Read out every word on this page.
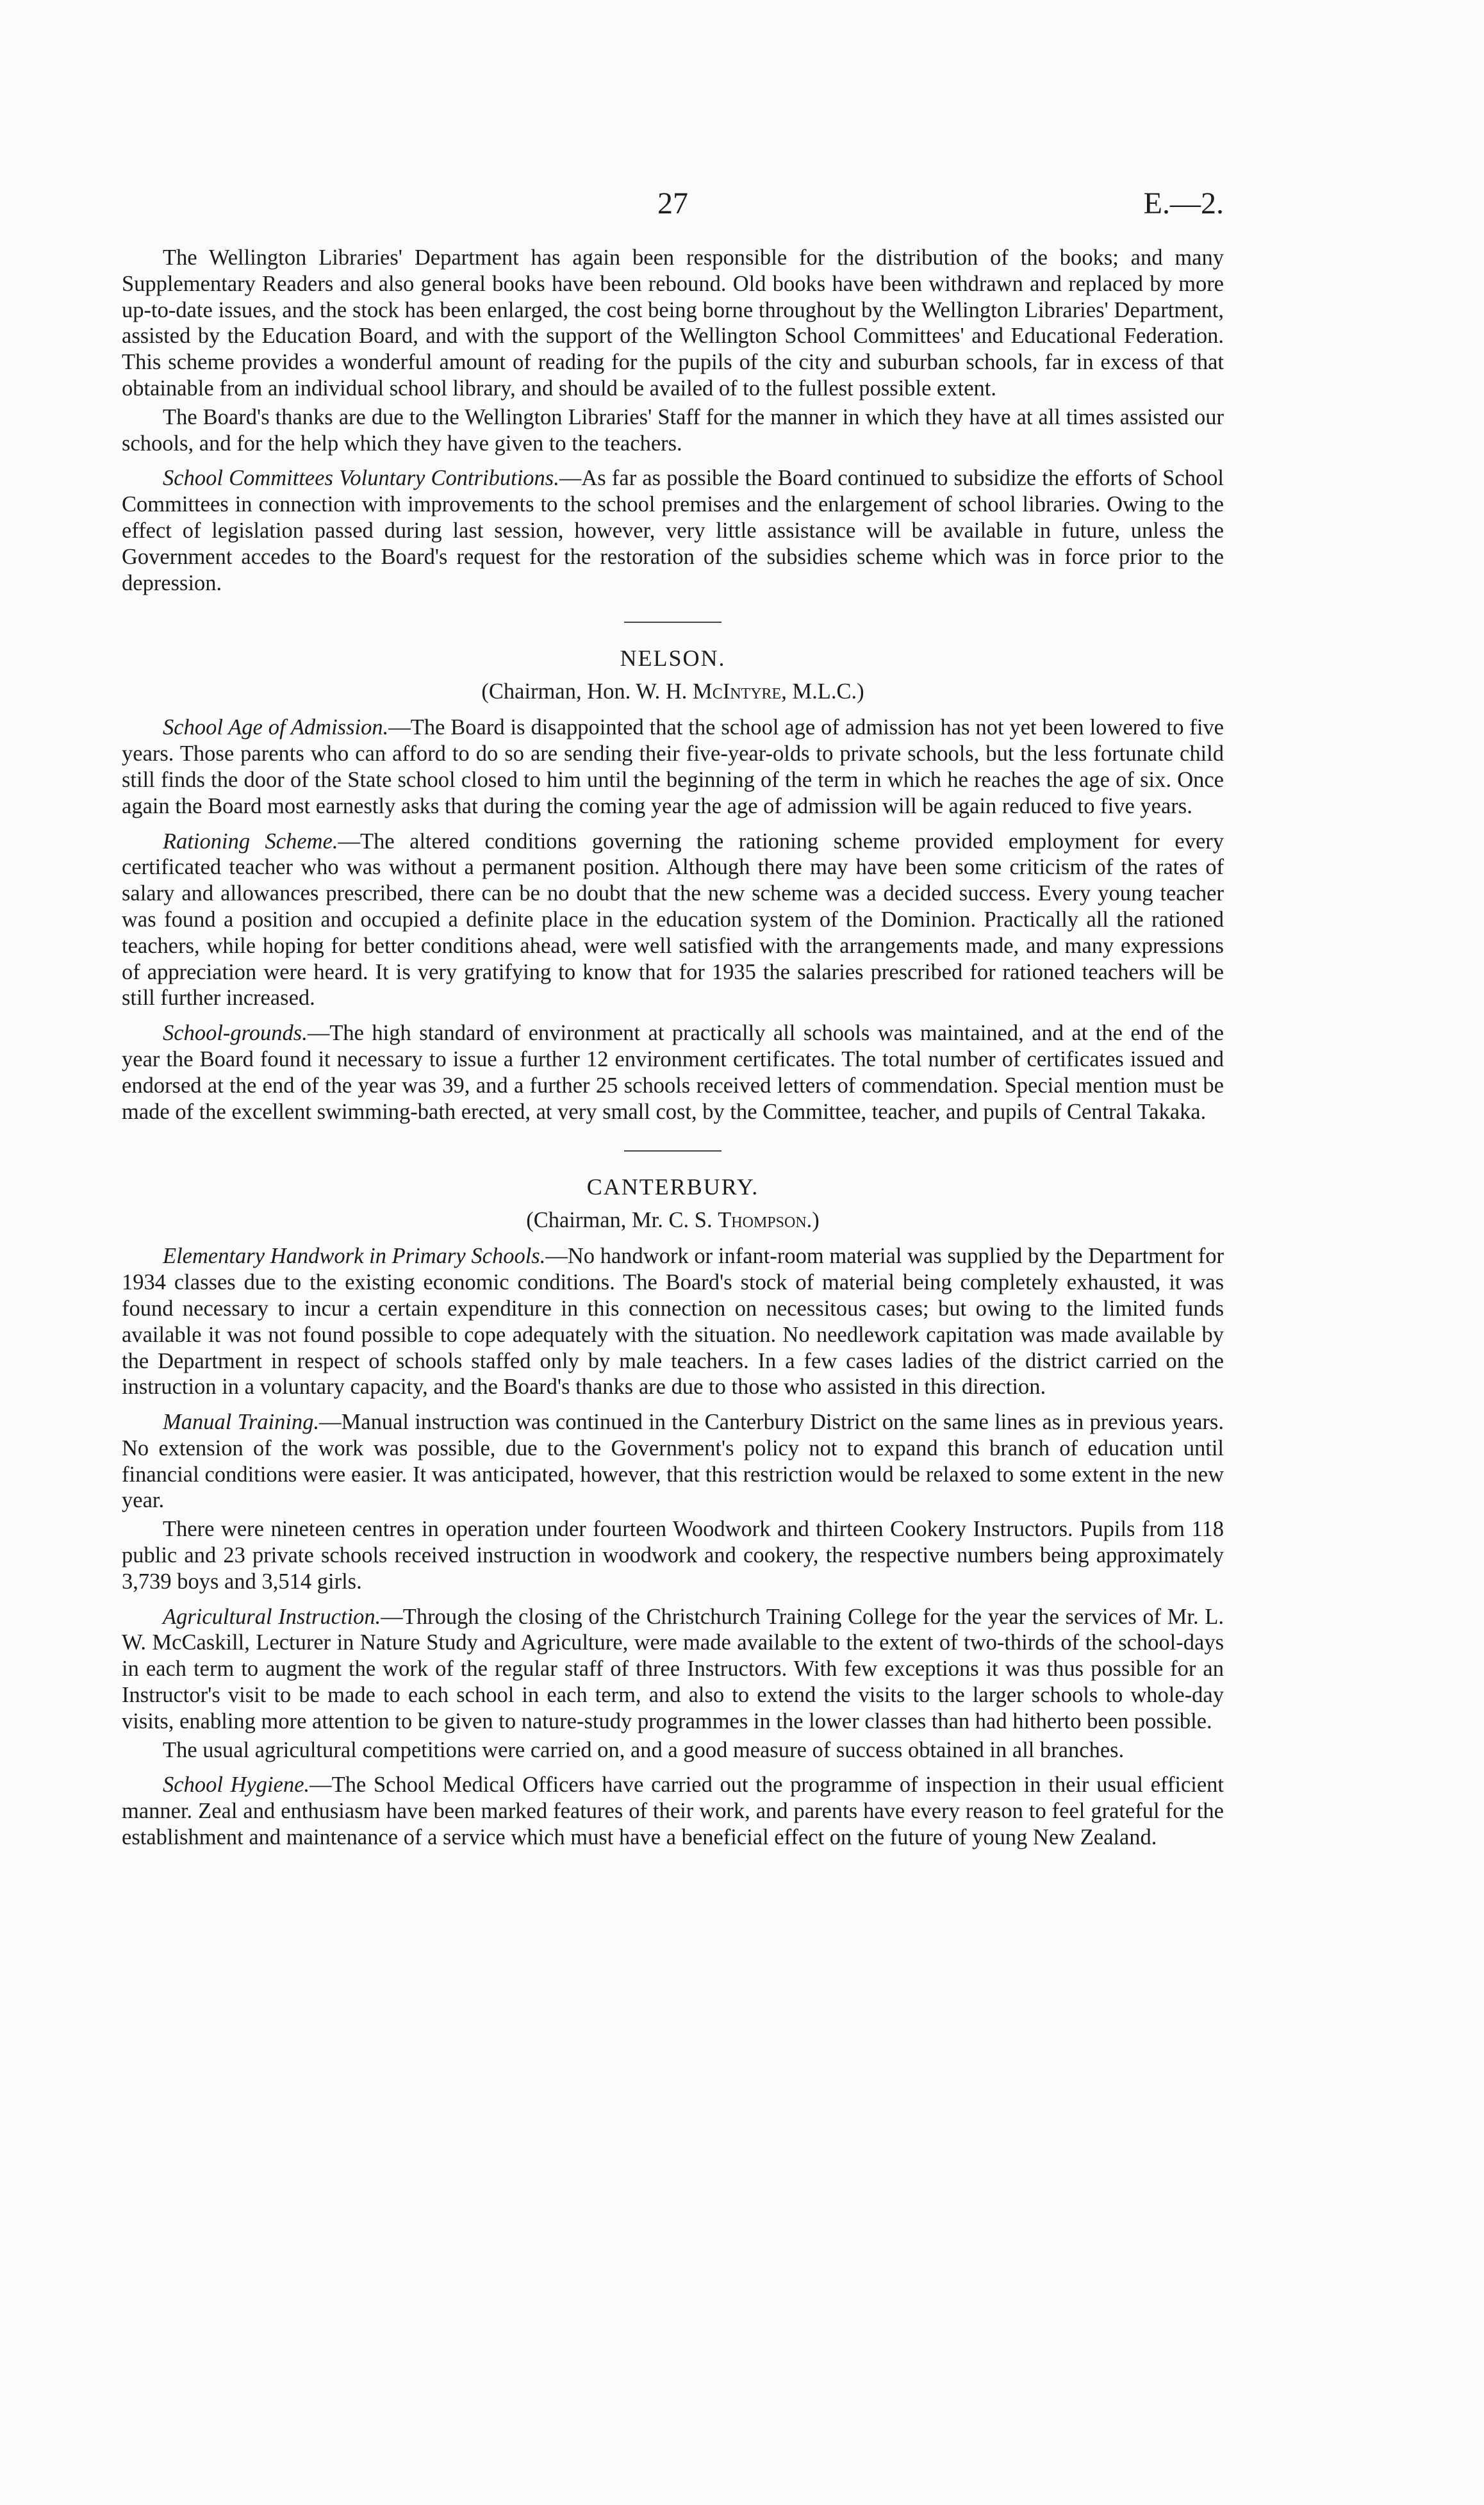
27	E.—2.

The Wellington Libraries' Department has again been responsible for the distribution of the books; and many Supplementary Readers and also general books have been rebound. Old books have been withdrawn and replaced by more up-to-date issues, and the stock has been enlarged, the cost being borne throughout by the Wellington Libraries' Department, assisted by the Education Board, and with the support of the Wellington School Committees' and Educational Federation. This scheme provides a wonderful amount of reading for the pupils of the city and suburban schools, far in excess of that obtainable from an individual school library, and should be availed of to the fullest possible extent.

The Board's thanks are due to the Wellington Libraries' Staff for the manner in which they have at all times assisted our schools, and for the help which they have given to the teachers.

School Committees Voluntary Contributions.—As far as possible the Board continued to subsidize the efforts of School Committees in connection with improvements to the school premises and the enlargement of school libraries. Owing to the effect of legislation passed during last session, however, very little assistance will be available in future, unless the Government accedes to the Board's request for the restoration of the subsidies scheme which was in force prior to the depression.

NELSON.
(Chairman, Hon. W. H. McIntyre, M.L.C.)

School Age of Admission.—The Board is disappointed that the school age of admission has not yet been lowered to five years. Those parents who can afford to do so are sending their five-year-olds to private schools, but the less fortunate child still finds the door of the State school closed to him until the beginning of the term in which he reaches the age of six. Once again the Board most earnestly asks that during the coming year the age of admission will be again reduced to five years.

Rationing Scheme.—The altered conditions governing the rationing scheme provided employment for every certificated teacher who was without a permanent position. Although there may have been some criticism of the rates of salary and allowances prescribed, there can be no doubt that the new scheme was a decided success. Every young teacher was found a position and occupied a definite place in the education system of the Dominion. Practically all the rationed teachers, while hoping for better conditions ahead, were well satisfied with the arrangements made, and many expressions of appreciation were heard. It is very gratifying to know that for 1935 the salaries prescribed for rationed teachers will be still further increased.

School-grounds.—The high standard of environment at practically all schools was maintained, and at the end of the year the Board found it necessary to issue a further 12 environment certificates. The total number of certificates issued and endorsed at the end of the year was 39, and a further 25 schools received letters of commendation. Special mention must be made of the excellent swimming-bath erected, at very small cost, by the Committee, teacher, and pupils of Central Takaka.

CANTERBURY.
(Chairman, Mr. C. S. Thompson.)

Elementary Handwork in Primary Schools.—No handwork or infant-room material was supplied by the Department for 1934 classes due to the existing economic conditions. The Board's stock of material being completely exhausted, it was found necessary to incur a certain expenditure in this connection on necessitous cases; but owing to the limited funds available it was not found possible to cope adequately with the situation. No needlework capitation was made available by the Department in respect of schools staffed only by male teachers. In a few cases ladies of the district carried on the instruction in a voluntary capacity, and the Board's thanks are due to those who assisted in this direction.

Manual Training.—Manual instruction was continued in the Canterbury District on the same lines as in previous years. No extension of the work was possible, due to the Government's policy not to expand this branch of education until financial conditions were easier. It was anticipated, however, that this restriction would be relaxed to some extent in the new year.

There were nineteen centres in operation under fourteen Woodwork and thirteen Cookery Instructors. Pupils from 118 public and 23 private schools received instruction in woodwork and cookery, the respective numbers being approximately 3,739 boys and 3,514 girls.

Agricultural Instruction.—Through the closing of the Christchurch Training College for the year the services of Mr. L. W. McCaskill, Lecturer in Nature Study and Agriculture, were made available to the extent of two-thirds of the school-days in each term to augment the work of the regular staff of three Instructors. With few exceptions it was thus possible for an Instructor's visit to be made to each school in each term, and also to extend the visits to the larger schools to whole-day visits, enabling more attention to be given to nature-study programmes in the lower classes than had hitherto been possible.

The usual agricultural competitions were carried on, and a good measure of success obtained in all branches.

School Hygiene.—The School Medical Officers have carried out the programme of inspection in their usual efficient manner. Zeal and enthusiasm have been marked features of their work, and parents have every reason to feel grateful for the establishment and maintenance of a service which must have a beneficial effect on the future of young New Zealand.
